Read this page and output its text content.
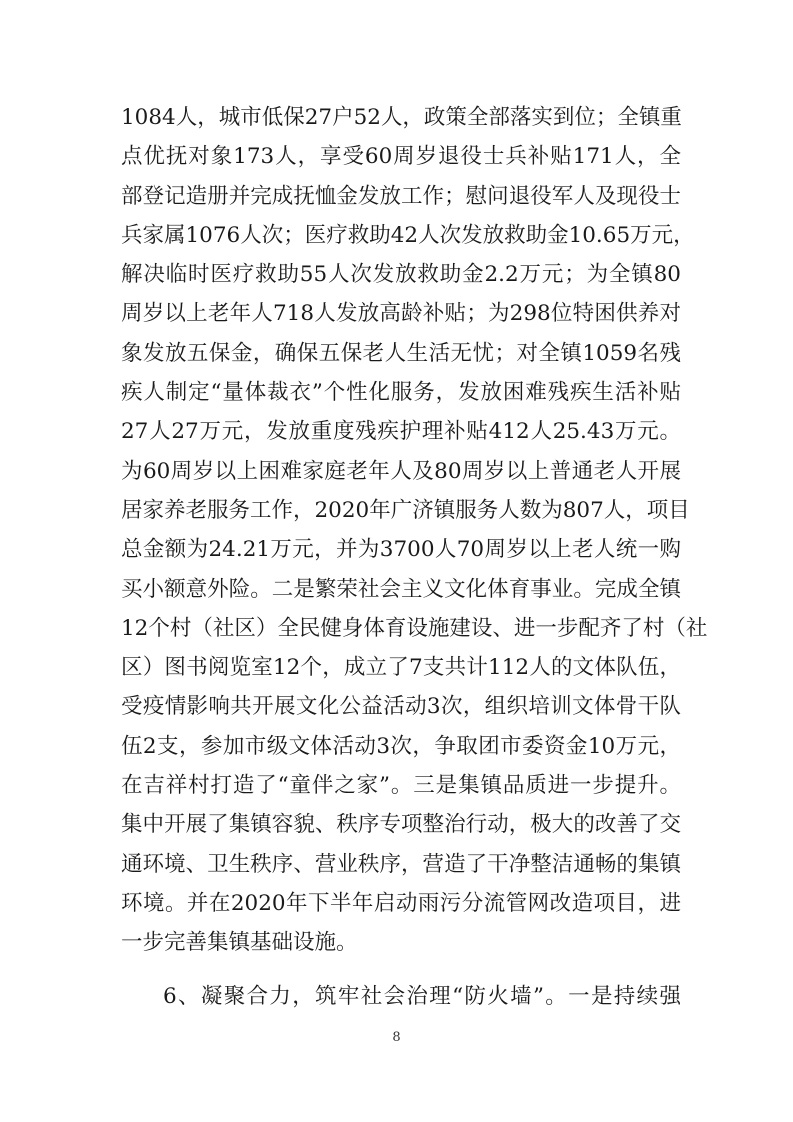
1084人，城市低保27户52人，政策全部落实到位；全镇重
点优抚对象173人，享受60周岁退役士兵补贴171人，全
部登记造册并完成抚恤金发放工作；慰问退役军人及现役士
兵家属1076人次；医疗救助42人次发放救助金10.65万元，
解决临时医疗救助55人次发放救助金2.2万元；为全镇80
周岁以上老年人718人发放高龄补贴；为298位特困供养对
象发放五保金，确保五保老人生活无忧；对全镇1059名残
疾人制定“量体裁衣”个性化服务，发放困难残疾生活补贴
27人27万元，发放重度残疾护理补贴412人25.43万元。
为60周岁以上困难家庭老年人及80周岁以上普通老人开展
居家养老服务工作，2020年广济镇服务人数为807人，项目
总金额为24.21万元，并为3700人70周岁以上老人统一购
买小额意外险。二是繁荣社会主义文化体育事业。完成全镇
12个村（社区）全民健身体育设施建设、进一步配齐了村（社
区）图书阅览室12个，成立了7支共计112人的文体队伍，
受疫情影响共开展文化公益活动3次，组织培训文体骨干队
伍2支，参加市级文体活动3次，争取团市委资金10万元，
在吉祥村打造了“童伴之家”。三是集镇品质进一步提升。
集中开展了集镇容貌、秩序专项整治行动，极大的改善了交
通环境、卫生秩序、营业秩序，营造了干净整洁通畅的集镇
环境。并在2020年下半年启动雨污分流管网改造项目，进
一步完善集镇基础设施。
6、凝聚合力，筑牢社会治理“防火墙”。一是持续强
8
